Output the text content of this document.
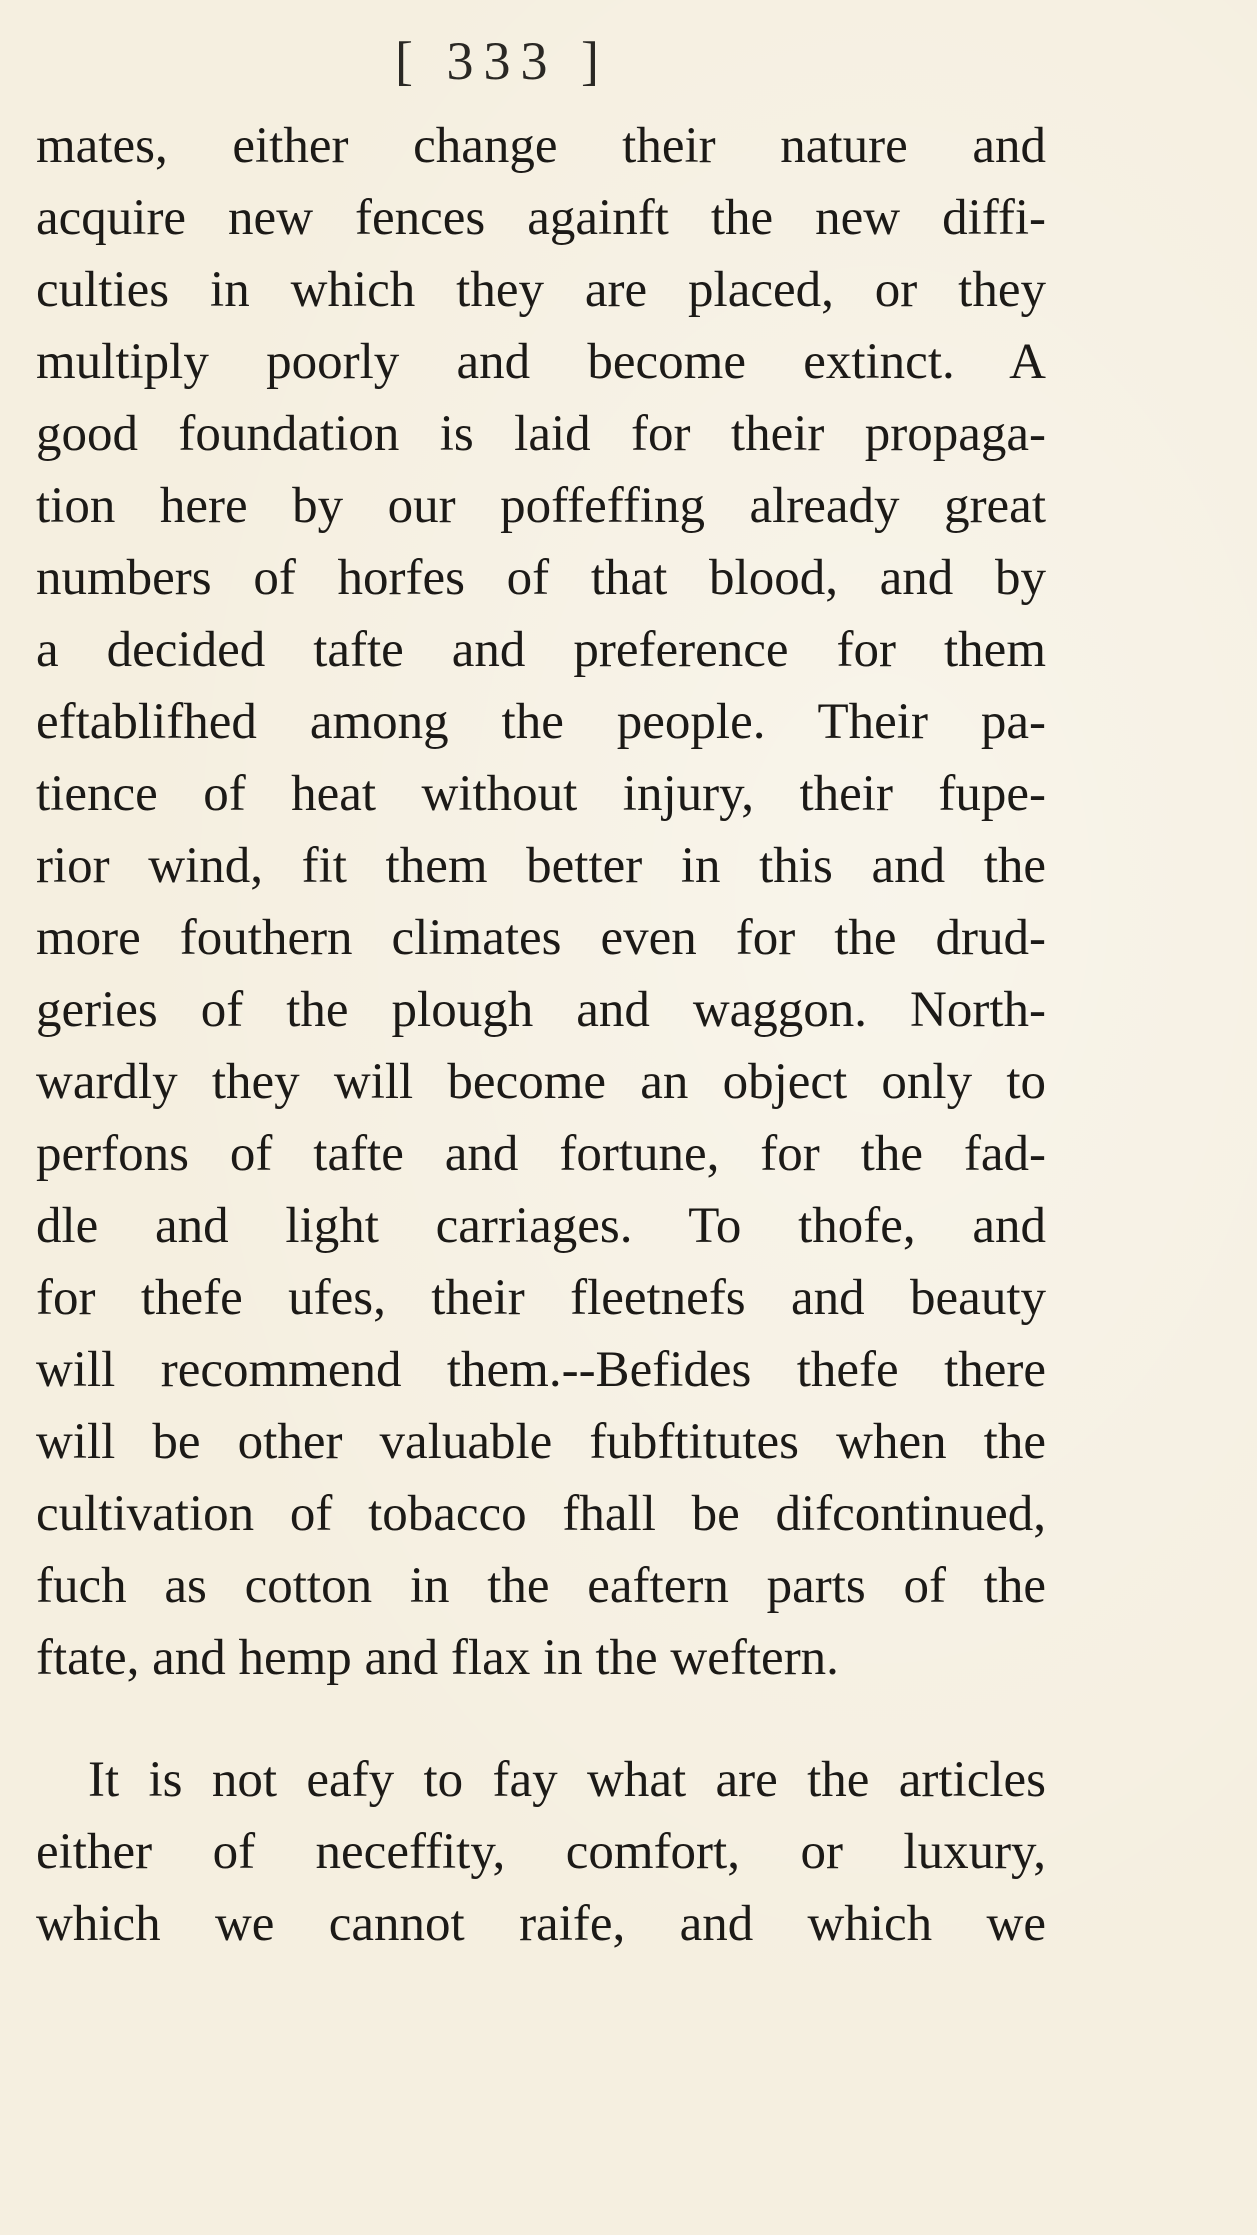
[ 333 ]
mates, either change their nature and
acquire new fences againft the new diffi-
culties in which they are placed, or they
multiply poorly and become extinct. A
good foundation is laid for their propaga-
tion here by our poffeffing already great
numbers of horfes of that blood, and by
a decided tafte and preference for them
eftablifhed among the people. Their pa-
tience of heat without injury, their fupe-
rior wind, fit them better in this and the
more fouthern climates even for the drud-
geries of the plough and waggon. North-
wardly they will become an object only to
perfons of tafte and fortune, for the fad-
dle and light carriages. To thofe, and
for thefe ufes, their fleetnefs and beauty
will recommend them.--Befides thefe there
will be other valuable fubftitutes when the
cultivation of tobacco fhall be difcontinued,
fuch as cotton in the eaftern parts of the
ftate, and hemp and flax in the weftern.
It is not eafy to fay what are the articles
either of neceffity, comfort, or luxury,
which we cannot raife, and which we
